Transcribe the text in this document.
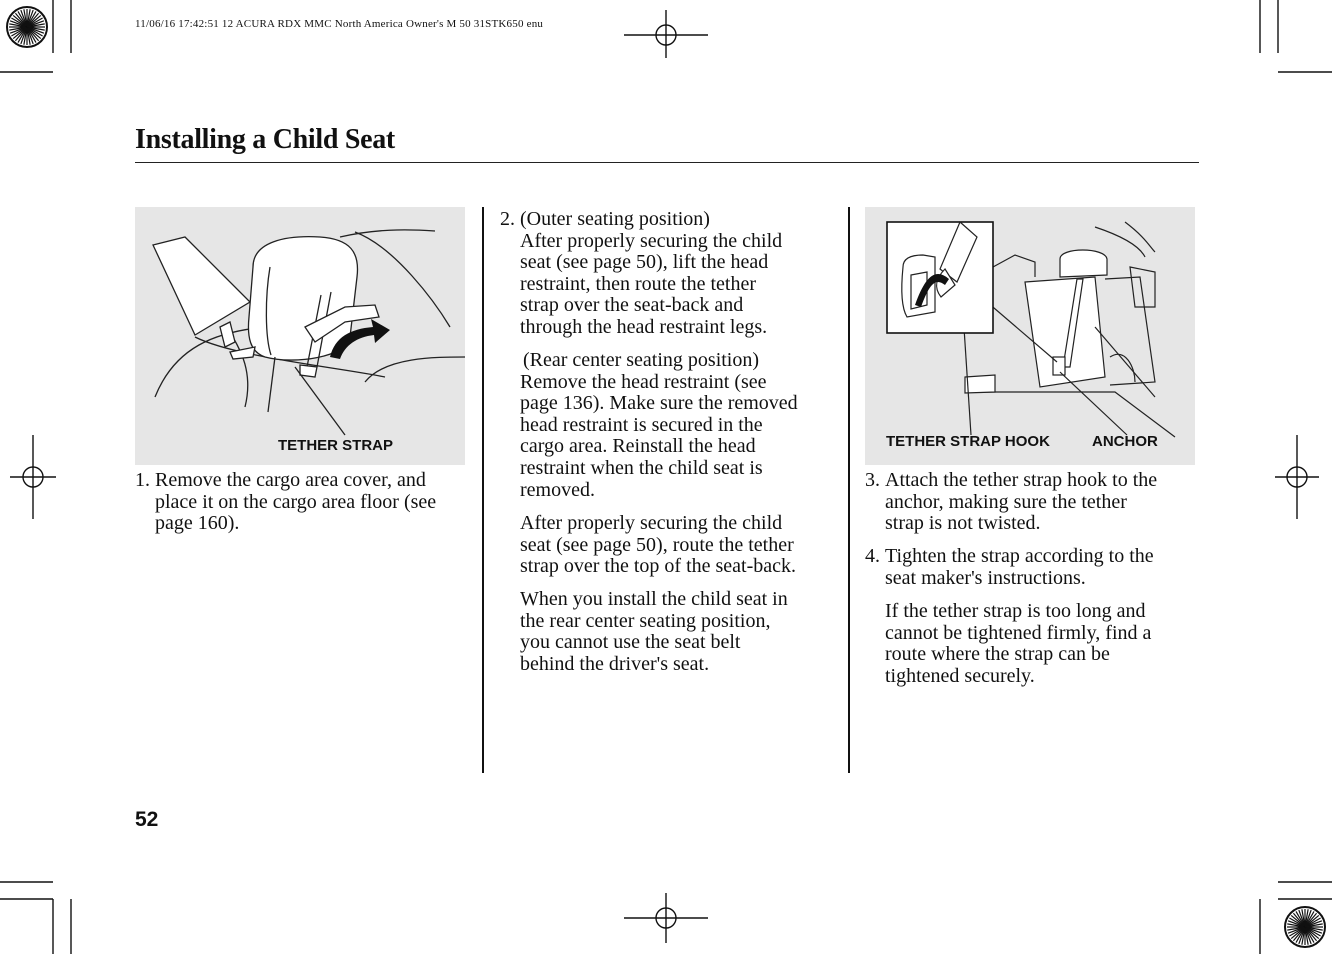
11/06/16 17:42:51 12 ACURA RDX MMC North America Owner's M 50 31STK650 enu
Installing a Child Seat
TETHER STRAP	TETHER STRAP HOOK	ANCHOR
1. Remove the cargo area cover, and
place it on the cargo area floor (see
page 160).
2. (Outer seating position)
After properly securing the child
seat (see page 50), lift the head
restraint, then route the tether
strap over the seat-back and
through the head restraint legs.
(Rear center seating position)
Remove the head restraint (see
page 136). Make sure the removed
head restraint is secured in the
cargo area. Reinstall the head
restraint when the child seat is
removed.
After properly securing the child
seat (see page 50), route the tether
strap over the top of the seat-back.
When you install the child seat in
the rear center seating position,
you cannot use the seat belt
behind the driver's seat.
3. Attach the tether strap hook to the
anchor, making sure the tether
strap is not twisted.
4. Tighten the strap according to the
seat maker's instructions.
If the tether strap is too long and
cannot be tightened firmly, find a
route where the strap can be
tightened securely.
52
